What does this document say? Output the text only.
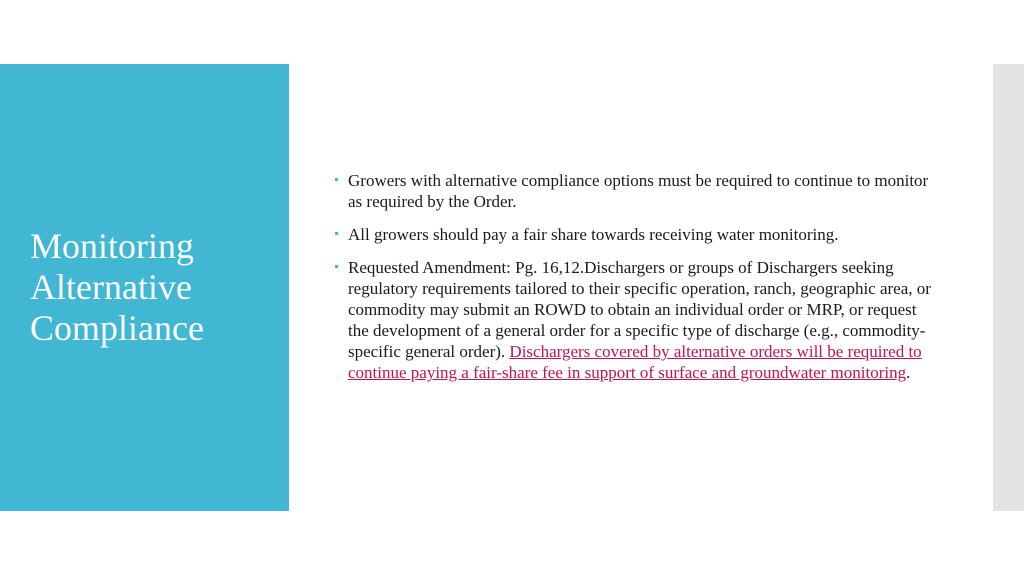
Monitoring
Alternative
Compliance
Growers with alternative compliance options must be required to continue to monitor as required by the Order.
All growers should pay a fair share towards receiving water monitoring.
Requested Amendment: Pg. 16,12.Dischargers or groups of Dischargers seeking regulatory requirements tailored to their specific operation, ranch, geographic area, or commodity may submit an ROWD to obtain an individual order or MRP, or request the development of a general order for a specific type of discharge (e.g., commodity-specific general order). Dischargers covered by alternative orders will be required to continue paying a fair-share fee in support of surface and groundwater monitoring.
